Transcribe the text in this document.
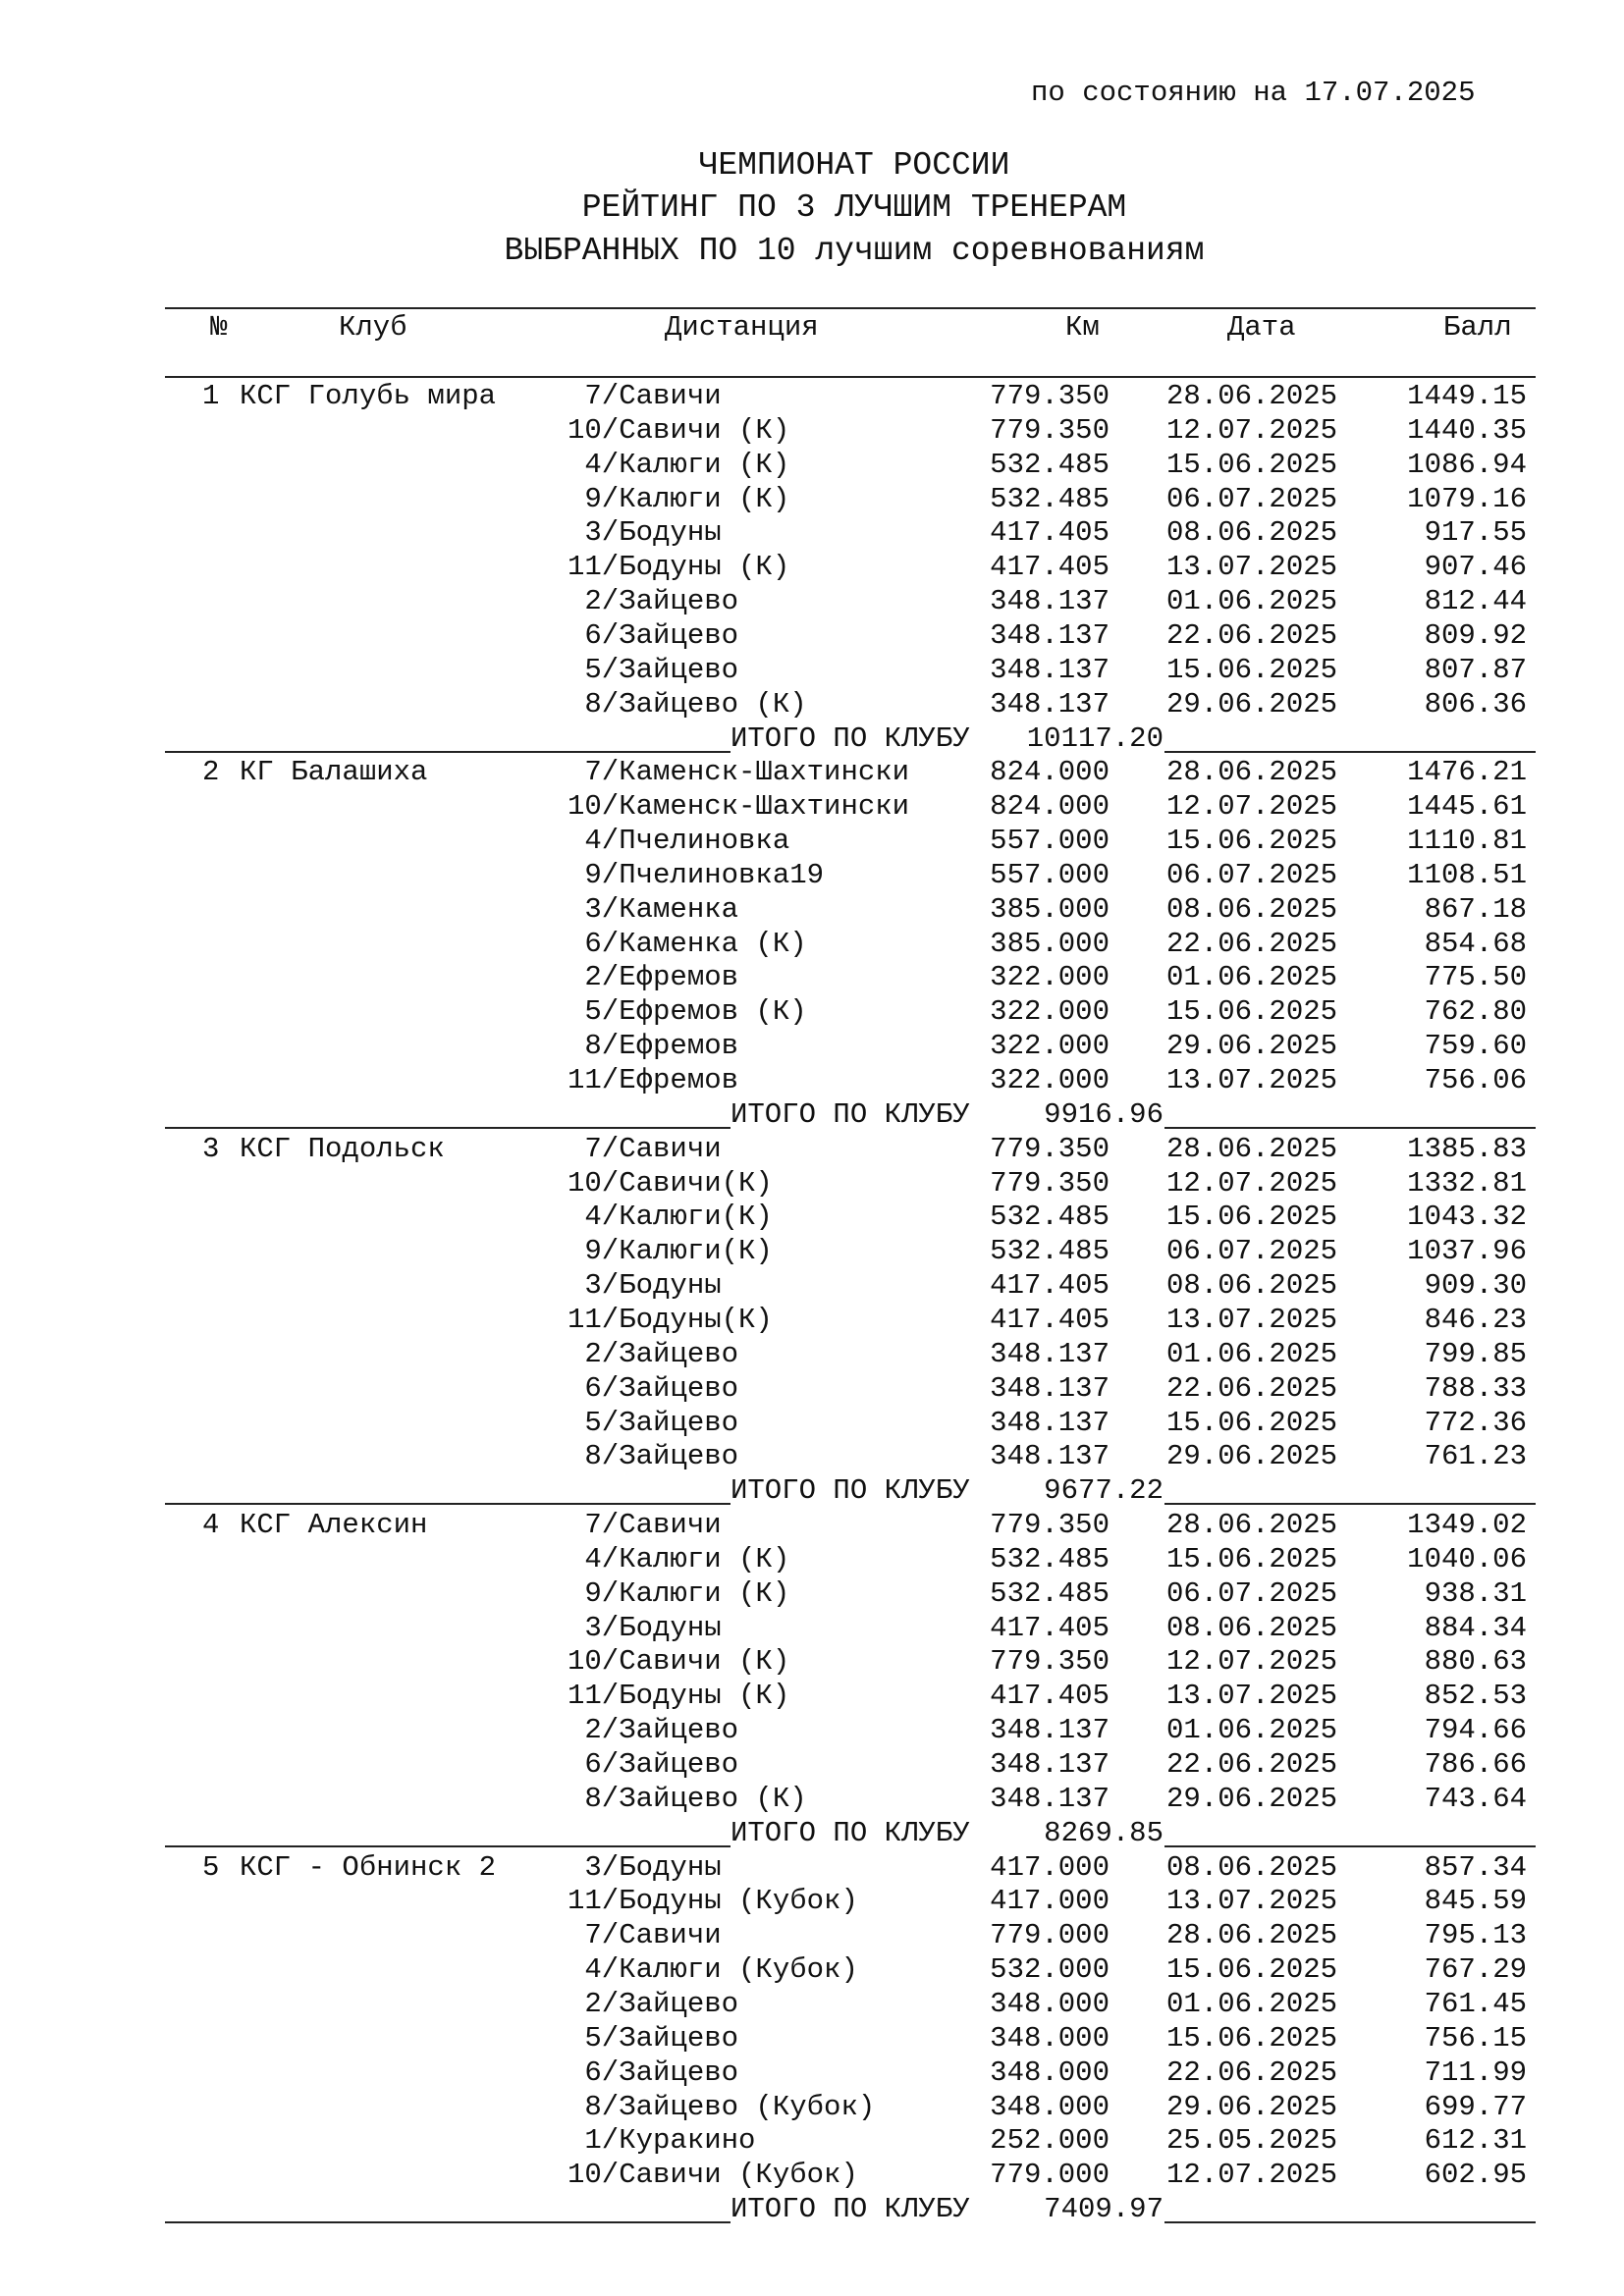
по состоянию на 17.07.2025
ЧЕМПИОНАТ РОССИИ
РЕЙТИНГ ПО 3 ЛУЧШИМ ТРЕНЕРАМ
ВЫБРАННЫХ ПО 10 лучшим соревнованиям
№	Клуб	Дистанция	Км	Дата	Балл
1 КСГ Голубь мира	7/Савичи	779.350 28.06.2025	1449.15
10/Савичи (К)	779.350 12.07.2025	1440.35
4/Калюги (К)	532.485 15.06.2025	1086.94
9/Калюги (К)	532.485 06.07.2025	1079.16
3/Бодуны	417.405 08.06.2025	917.55
11/Бодуны (К)	417.405 13.07.2025	907.46
2/Зайцево	348.137 01.06.2025	812.44
6/Зайцево	348.137 22.06.2025	809.92
5/Зайцево	348.137 15.06.2025	807.87
8/Зайцево (К)	348.137 29.06.2025	806.36
ИТОГО ПО КЛУБУ	10117.20
2 КГ Балашиха	7/Каменск-Шахтински	824.000 28.06.2025	1476.21
10/Каменск-Шахтински	824.000 12.07.2025	1445.61
4/Пчелиновка	557.000 15.06.2025	1110.81
9/Пчелиновка19	557.000 06.07.2025	1108.51
3/Каменка	385.000 08.06.2025	867.18
6/Каменка (К)	385.000 22.06.2025	854.68
2/Ефремов	322.000 01.06.2025	775.50
5/Ефремов (К)	322.000 15.06.2025	762.80
8/Ефремов	322.000 29.06.2025	759.60
11/Ефремов	322.000 13.07.2025	756.06
ИТОГО ПО КЛУБУ	9916.96
3 КСГ Подольск	7/Савичи	779.350 28.06.2025	1385.83
10/Савичи(К)	779.350 12.07.2025	1332.81
4/Калюги(К)	532.485 15.06.2025	1043.32
9/Калюги(К)	532.485 06.07.2025	1037.96
3/Бодуны	417.405 08.06.2025	909.30
11/Бодуны(К)	417.405 13.07.2025	846.23
2/Зайцево	348.137 01.06.2025	799.85
6/Зайцево	348.137 22.06.2025	788.33
5/Зайцево	348.137 15.06.2025	772.36
8/Зайцево	348.137 29.06.2025	761.23
ИТОГО ПО КЛУБУ	9677.22
4 КСГ Алексин	7/Савичи	779.350 28.06.2025	1349.02
4/Калюги (К)	532.485 15.06.2025	1040.06
9/Калюги (К)	532.485 06.07.2025	938.31
3/Бодуны	417.405 08.06.2025	884.34
10/Савичи (К)	779.350 12.07.2025	880.63
11/Бодуны (К)	417.405 13.07.2025	852.53
2/Зайцево	348.137 01.06.2025	794.66
6/Зайцево	348.137 22.06.2025	786.66
8/Зайцево (К)	348.137 29.06.2025	743.64
ИТОГО ПО КЛУБУ	8269.85
5 КСГ - Обнинск 2	3/Бодуны	417.000 08.06.2025	857.34
11/Бодуны (Кубок)	417.000 13.07.2025	845.59
7/Савичи	779.000 28.06.2025	795.13
4/Калюги (Кубок)	532.000 15.06.2025	767.29
2/Зайцево	348.000 01.06.2025	761.45
5/Зайцево	348.000 15.06.2025	756.15
6/Зайцево	348.000 22.06.2025	711.99
8/Зайцево (Кубок)	348.000 29.06.2025	699.77
1/Куракино	252.000 25.05.2025	612.31
10/Савичи (Кубок)	779.000 12.07.2025	602.95
ИТОГО ПО КЛУБУ	7409.97
